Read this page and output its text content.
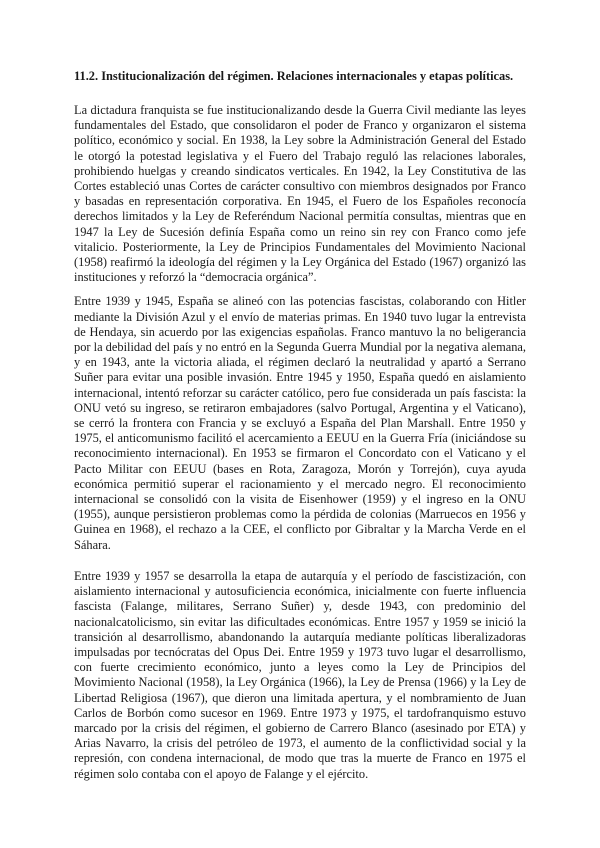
11.2. Institucionalización del régimen. Relaciones internacionales y etapas políticas.

La dictadura franquista se fue institucionalizando desde la Guerra Civil mediante las leyes fundamentales del Estado, que consolidaron el poder de Franco y organizaron el sistema político, económico y social. En 1938, la Ley sobre la Administración General del Estado le otorgó la potestad legislativa y el Fuero del Trabajo reguló las relaciones laborales, prohibiendo huelgas y creando sindicatos verticales. En 1942, la Ley Constitutiva de las Cortes estableció unas Cortes de carácter consultivo con miembros designados por Franco y basadas en representación corporativa. En 1945, el Fuero de los Españoles reconocía derechos limitados y la Ley de Referéndum Nacional permitía consultas, mientras que en 1947 la Ley de Sucesión definía España como un reino sin rey con Franco como jefe vitalicio. Posteriormente, la Ley de Principios Fundamentales del Movimiento Nacional (1958) reafirmó la ideología del régimen y la Ley Orgánica del Estado (1967) organizó las instituciones y reforzó la “democracia orgánica”.

Entre 1939 y 1945, España se alineó con las potencias fascistas, colaborando con Hitler mediante la División Azul y el envío de materias primas. En 1940 tuvo lugar la entrevista de Hendaya, sin acuerdo por las exigencias españolas. Franco mantuvo la no beligerancia por la debilidad del país y no entró en la Segunda Guerra Mundial por la negativa alemana, y en 1943, ante la victoria aliada, el régimen declaró la neutralidad y apartó a Serrano Suñer para evitar una posible invasión. Entre 1945 y 1950, España quedó en aislamiento internacional, intentó reforzar su carácter católico, pero fue considerada un país fascista: la ONU vetó su ingreso, se retiraron embajadores (salvo Portugal, Argentina y el Vaticano), se cerró la frontera con Francia y se excluyó a España del Plan Marshall. Entre 1950 y 1975, el anticomunismo facilitó el acercamiento a EEUU en la Guerra Fría (iniciándose su reconocimiento internacional). En 1953 se firmaron el Concordato con el Vaticano y el Pacto Militar con EEUU (bases en Rota, Zaragoza, Morón y Torrejón), cuya ayuda económica permitió superar el racionamiento y el mercado negro. El reconocimiento internacional se consolidó con la visita de Eisenhower (1959) y el ingreso en la ONU (1955), aunque persistieron problemas como la pérdida de colonias (Marruecos en 1956 y Guinea en 1968), el rechazo a la CEE, el conflicto por Gibraltar y la Marcha Verde en el Sáhara.

Entre 1939 y 1957 se desarrolla la etapa de autarquía y el período de fascistización, con aislamiento internacional y autosuficiencia económica, inicialmente con fuerte influencia fascista (Falange, militares, Serrano Suñer) y, desde 1943, con predominio del nacionalcatolicismo, sin evitar las dificultades económicas. Entre 1957 y 1959 se inició la transición al desarrollismo, abandonando la autarquía mediante políticas liberalizadoras impulsadas por tecnócratas del Opus Dei. Entre 1959 y 1973 tuvo lugar el desarrollismo, con fuerte crecimiento económico, junto a leyes como la Ley de Principios del Movimiento Nacional (1958), la Ley Orgánica (1966), la Ley de Prensa (1966) y la Ley de Libertad Religiosa (1967), que dieron una limitada apertura, y el nombramiento de Juan Carlos de Borbón como sucesor en 1969. Entre 1973 y 1975, el tardofranquismo estuvo marcado por la crisis del régimen, el gobierno de Carrero Blanco (asesinado por ETA) y Arias Navarro, la crisis del petróleo de 1973, el aumento de la conflictividad social y la represión, con condena internacional, de modo que tras la muerte de Franco en 1975 el régimen solo contaba con el apoyo de Falange y el ejército.
